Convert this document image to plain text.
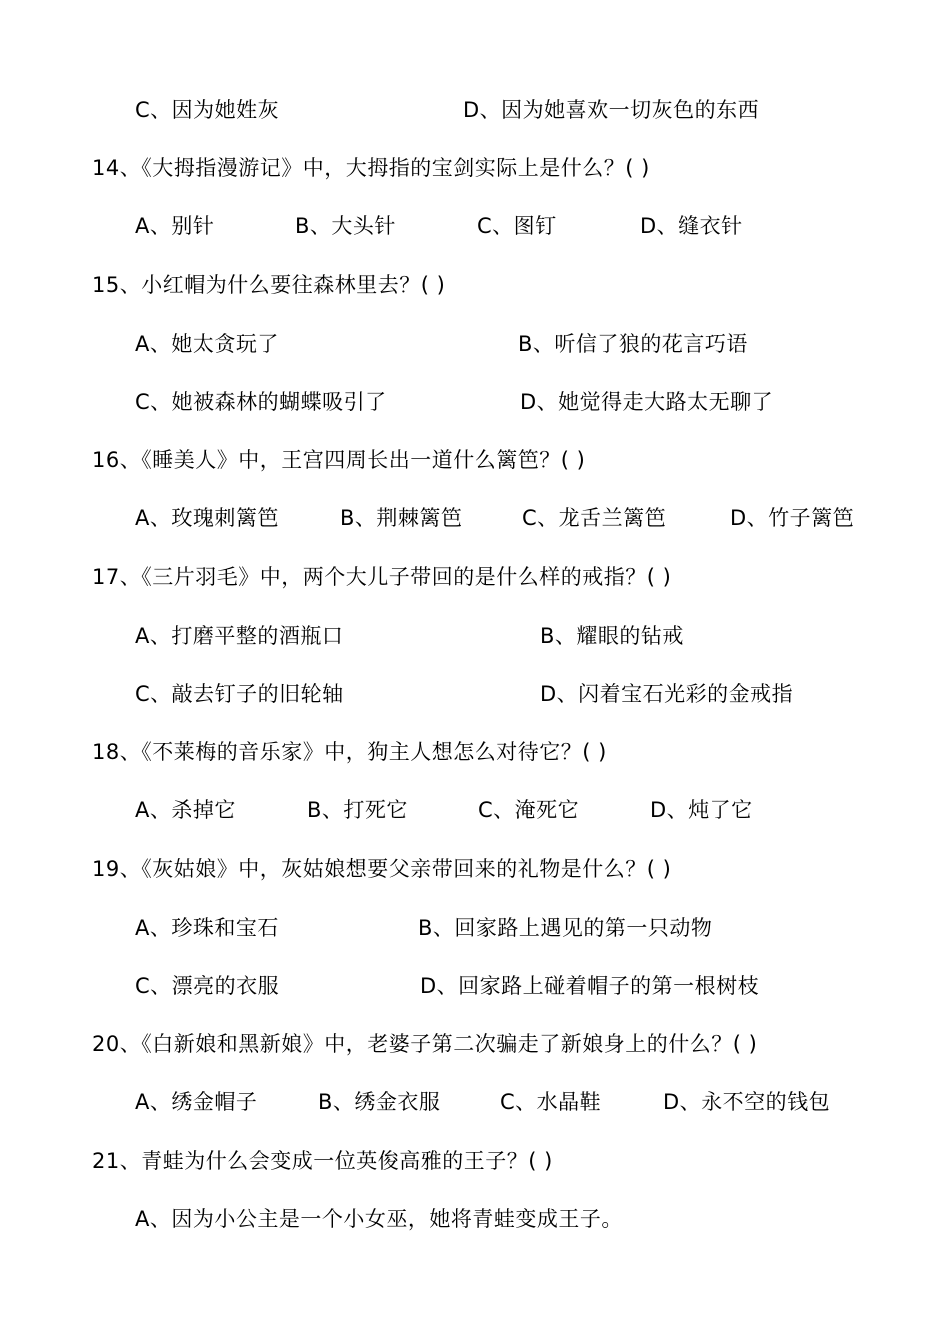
C、因为她姓灰	D、因为她喜欢一切灰色的东西
14、《大拇指漫游记》中，大拇指的宝剑实际上是什么？( )
A、别针	B、大头针	C、图钉	D、缝衣针
15、小红帽为什么要往森林里去？( )
A、她太贪玩了	B、听信了狼的花言巧语
C、她被森林的蝴蝶吸引了	D、她觉得走大路太无聊了
16、《睡美人》中，王宫四周长出一道什么篱笆？( )
A、玫瑰刺篱笆	B、荆棘篱笆	C、龙舌兰篱笆	D、竹子篱笆
17、《三片羽毛》中，两个大儿子带回的是什么样的戒指？( )
A、打磨平整的酒瓶口	B、耀眼的钻戒
C、敲去钉子的旧轮轴	D、闪着宝石光彩的金戒指
18、《不莱梅的音乐家》中，狗主人想怎么对待它？( )
A、杀掉它	B、打死它	C、淹死它	D、炖了它
19、《灰姑娘》中，灰姑娘想要父亲带回来的礼物是什么？( )
A、珍珠和宝石	B、回家路上遇见的第一只动物
C、漂亮的衣服	D、回家路上碰着帽子的第一根树枝
20、《白新娘和黑新娘》中，老婆子第二次骗走了新娘身上的什么？( )
A、绣金帽子	B、绣金衣服	C、水晶鞋	D、永不空的钱包
21、青蛙为什么会变成一位英俊高雅的王子？( )
A、因为小公主是一个小女巫，她将青蛙变成王子。
